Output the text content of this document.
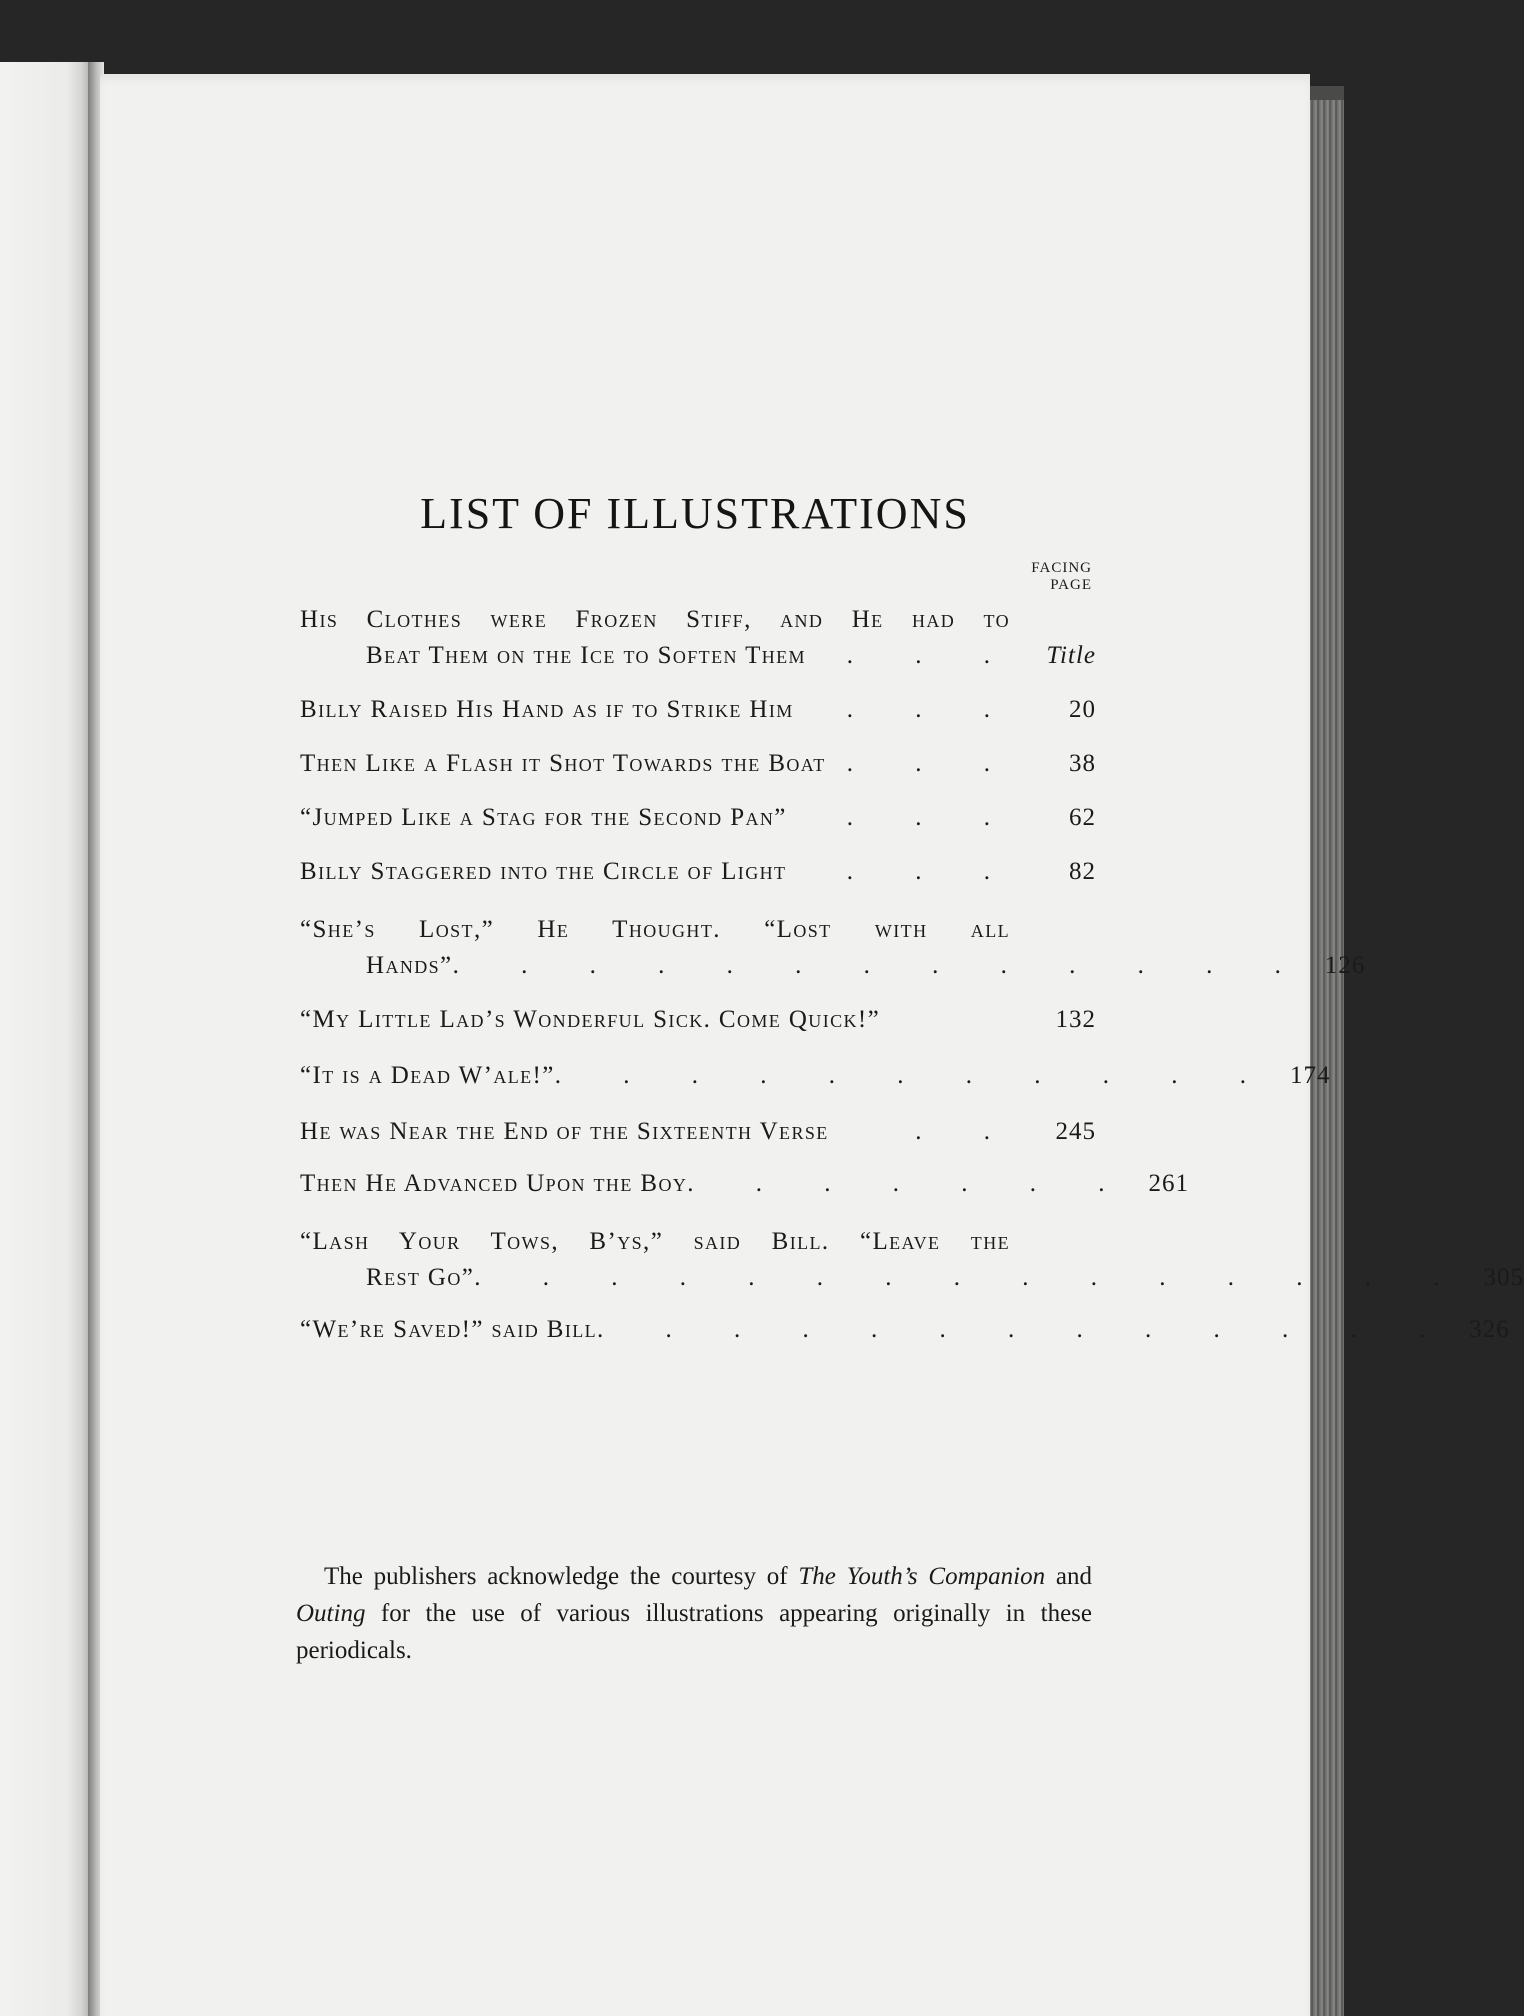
LIST OF ILLUSTRATIONS
FACING
PAGE
His Clothes were Frozen Stiff, and He had to
Beat Them on the Ice to Soften Them	. . .	Title
Billy Raised His Hand as if to Strike Him	. . .	20
Then Like a Flash it Shot Towards the Boat . . .	38
“Jumped Like a Stag for the Second Pan”	. . .	62
Billy Staggered into the Circle of Light	. . .	82
“She’s Lost,” He Thought. “Lost with all
Hands” . . . . . . . . . . . . . 126
“My Little Lad’s Wonderful Sick. Come Quick!”	132
“It is a Dead W’ale!” . . . . . . . . . . . 174
He was Near the End of the Sixteenth Verse	. .	245
Then He Advanced Upon the Boy . . . . . . . 261
“Lash Your Tows, B’ys,” said Bill. “Leave the
Rest Go” . . . . . . . . . . . . . . . 305
“We’re Saved!” said Bill . . . . . . . . . . . . . 326

The publishers acknowledge the courtesy of The Youth’s Companion and Outing for the use of various illustrations appearing originally in these periodicals.
